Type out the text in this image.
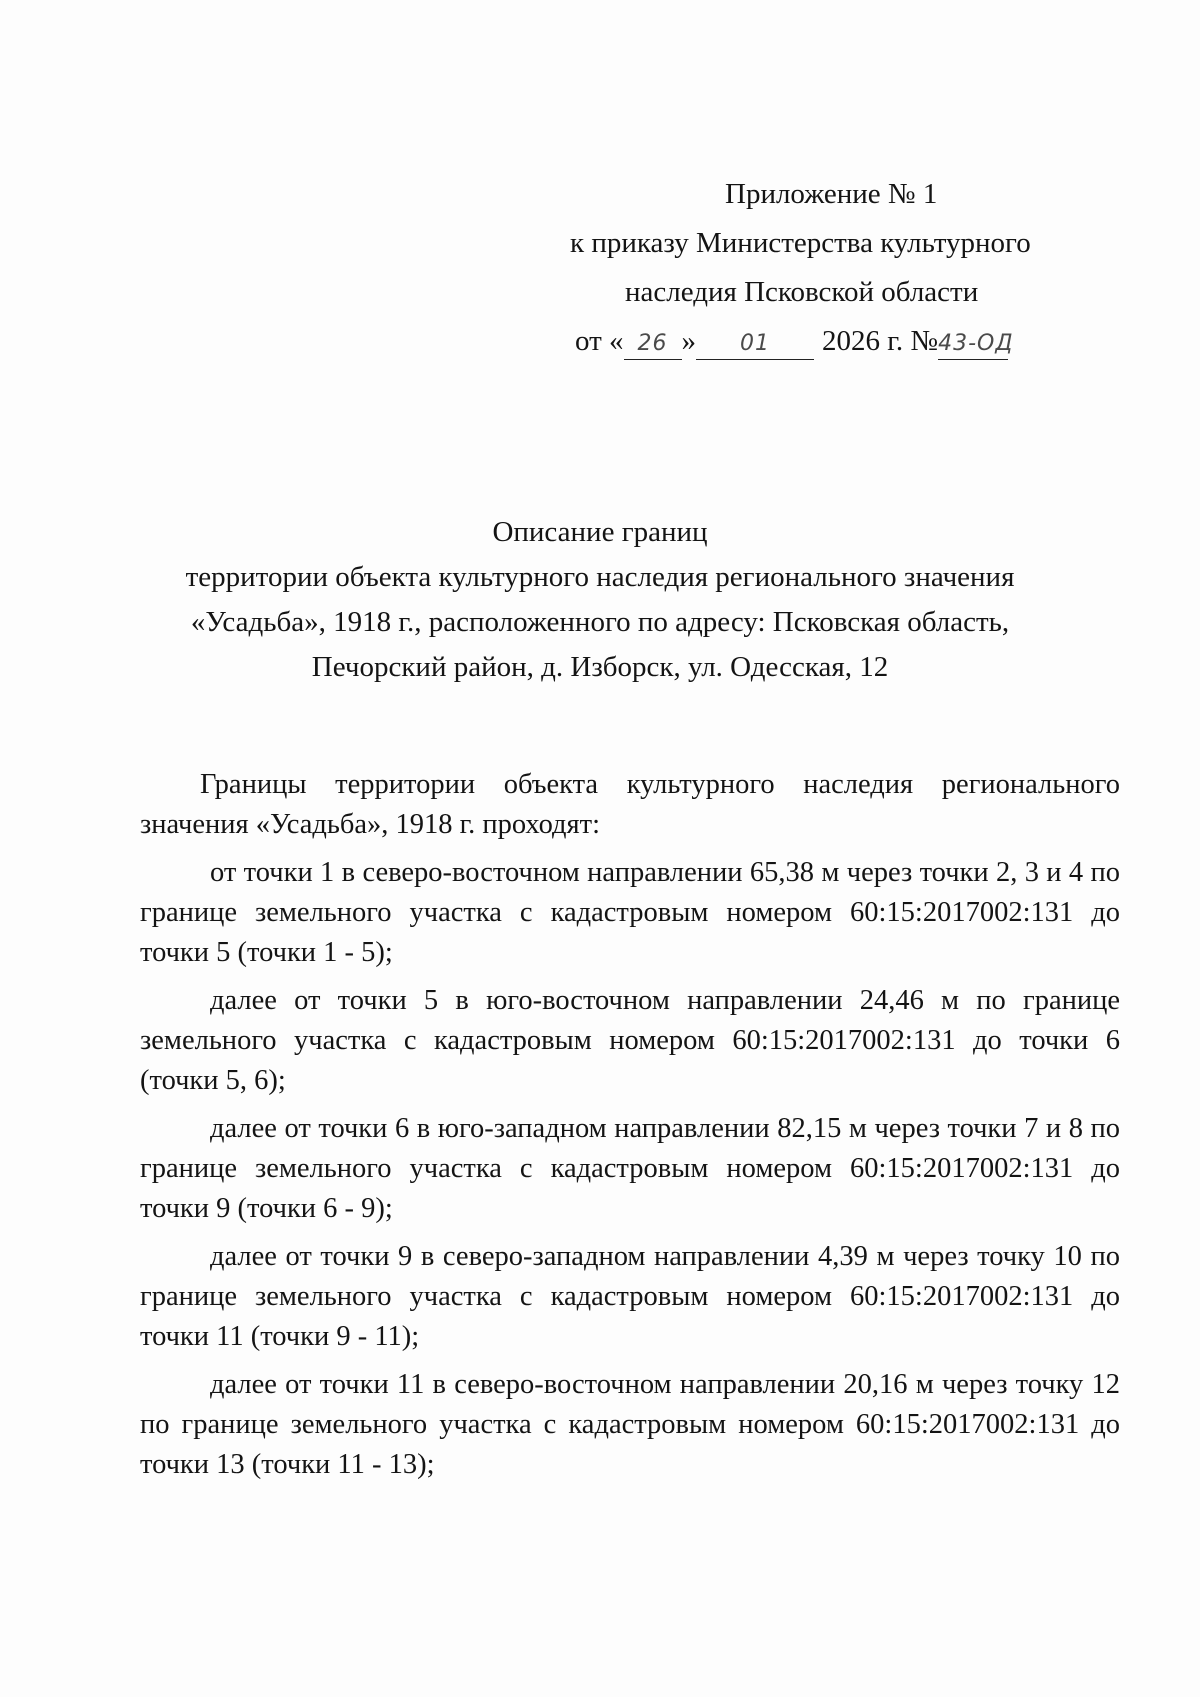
Приложение № 1
к приказу Министерства культурного
наследия Псковской области
от « 26 » 01 2026 г. №43-ОД
Описание границ
территории объекта культурного наследия регионального значения
«Усадьба», 1918 г., расположенного по адресу: Псковская область,
Печорский район, д. Изборск, ул. Одесская, 12

Границы территории объекта культурного наследия регионального значения «Усадьба», 1918 г. проходят:

от точки 1 в северо-восточном направлении 65,38 м через точки 2, 3 и 4 по границе земельного участка с кадастровым номером 60:15:2017002:131 до точки 5 (точки 1 - 5);

далее от точки 5 в юго-восточном направлении 24,46 м по границе земельного участка с кадастровым номером 60:15:2017002:131 до точки 6 (точки 5, 6);

далее от точки 6 в юго-западном направлении 82,15 м через точки 7 и 8 по границе земельного участка с кадастровым номером 60:15:2017002:131 до точки 9 (точки 6 - 9);

далее от точки 9 в северо-западном направлении 4,39 м через точку 10 по границе земельного участка с кадастровым номером 60:15:2017002:131 до точки 11 (точки 9 - 11);

далее от точки 11 в северо-восточном направлении 20,16 м через точку 12 по границе земельного участка с кадастровым номером 60:15:2017002:131 до точки 13 (точки 11 - 13);
